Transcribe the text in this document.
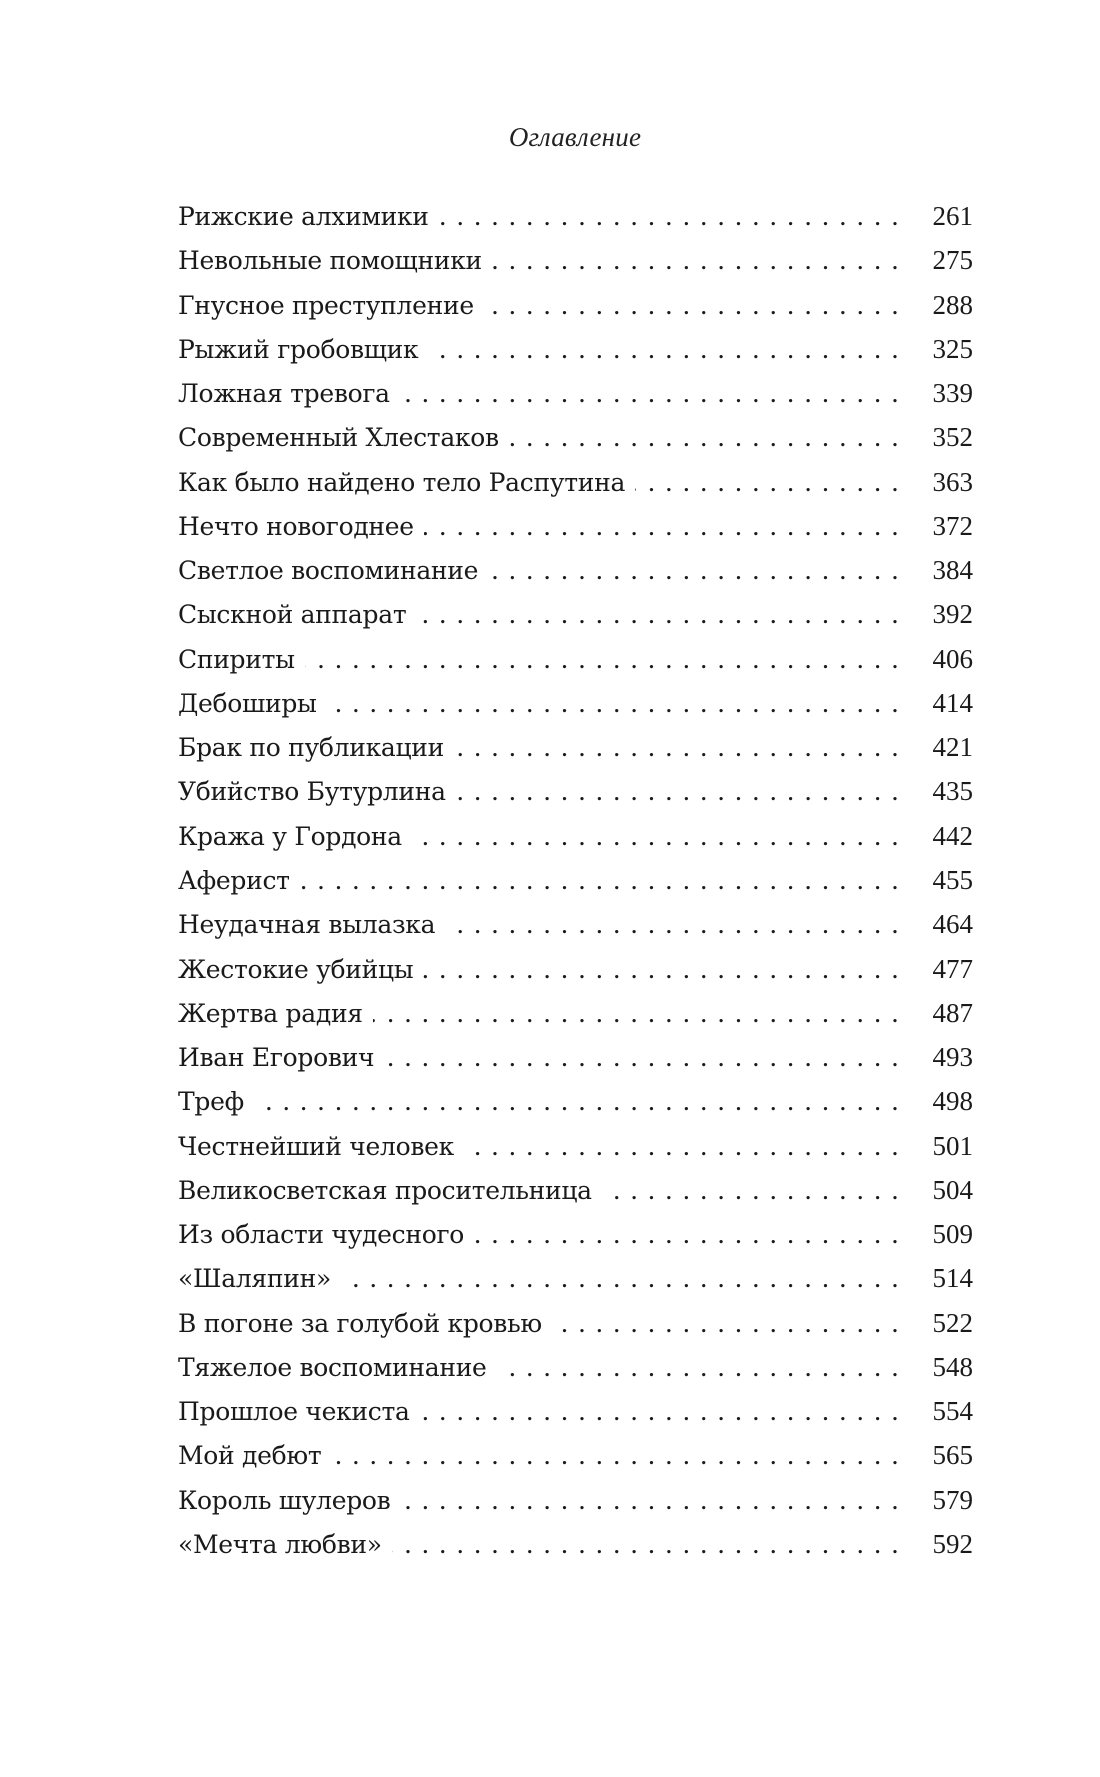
Оглавление
Рижские алхимики . . .	261
Невольные помощники . . .	275
Гнусное преступление . . .	288
Рыжий гробовщик . . .	325
Ложная тревога . . .	339
Современный Хлестаков . . .	352
Как было найдено тело Распутина . . .	363
Нечто новогоднее . . .	372
Светлое воспоминание . . .	384
Сыскной аппарат . . .	392
Спириты . . .	406
Дебоширы . . .	414
Брак по публикации . . .	421
Убийство Бутурлина . . .	435
Кража у Гордона . . .	442
Аферист . . .	455
Неудачная вылазка . . .	464
Жестокие убийцы . . .	477
Жертва радия . . .	487
Иван Егорович . . .	493
Треф . . .	498
Честнейший человек . . .	501
Великосветская просительница . . .	504
Из области чудесного . . .	509
«Шаляпин» . . .	514
В погоне за голубой кровью . . .	522
Тяжелое воспоминание . . .	548
Прошлое чекиста . . .	554
Мой дебют . . .	565
Король шулеров . . .	579
«Мечта любви» . . .	592
